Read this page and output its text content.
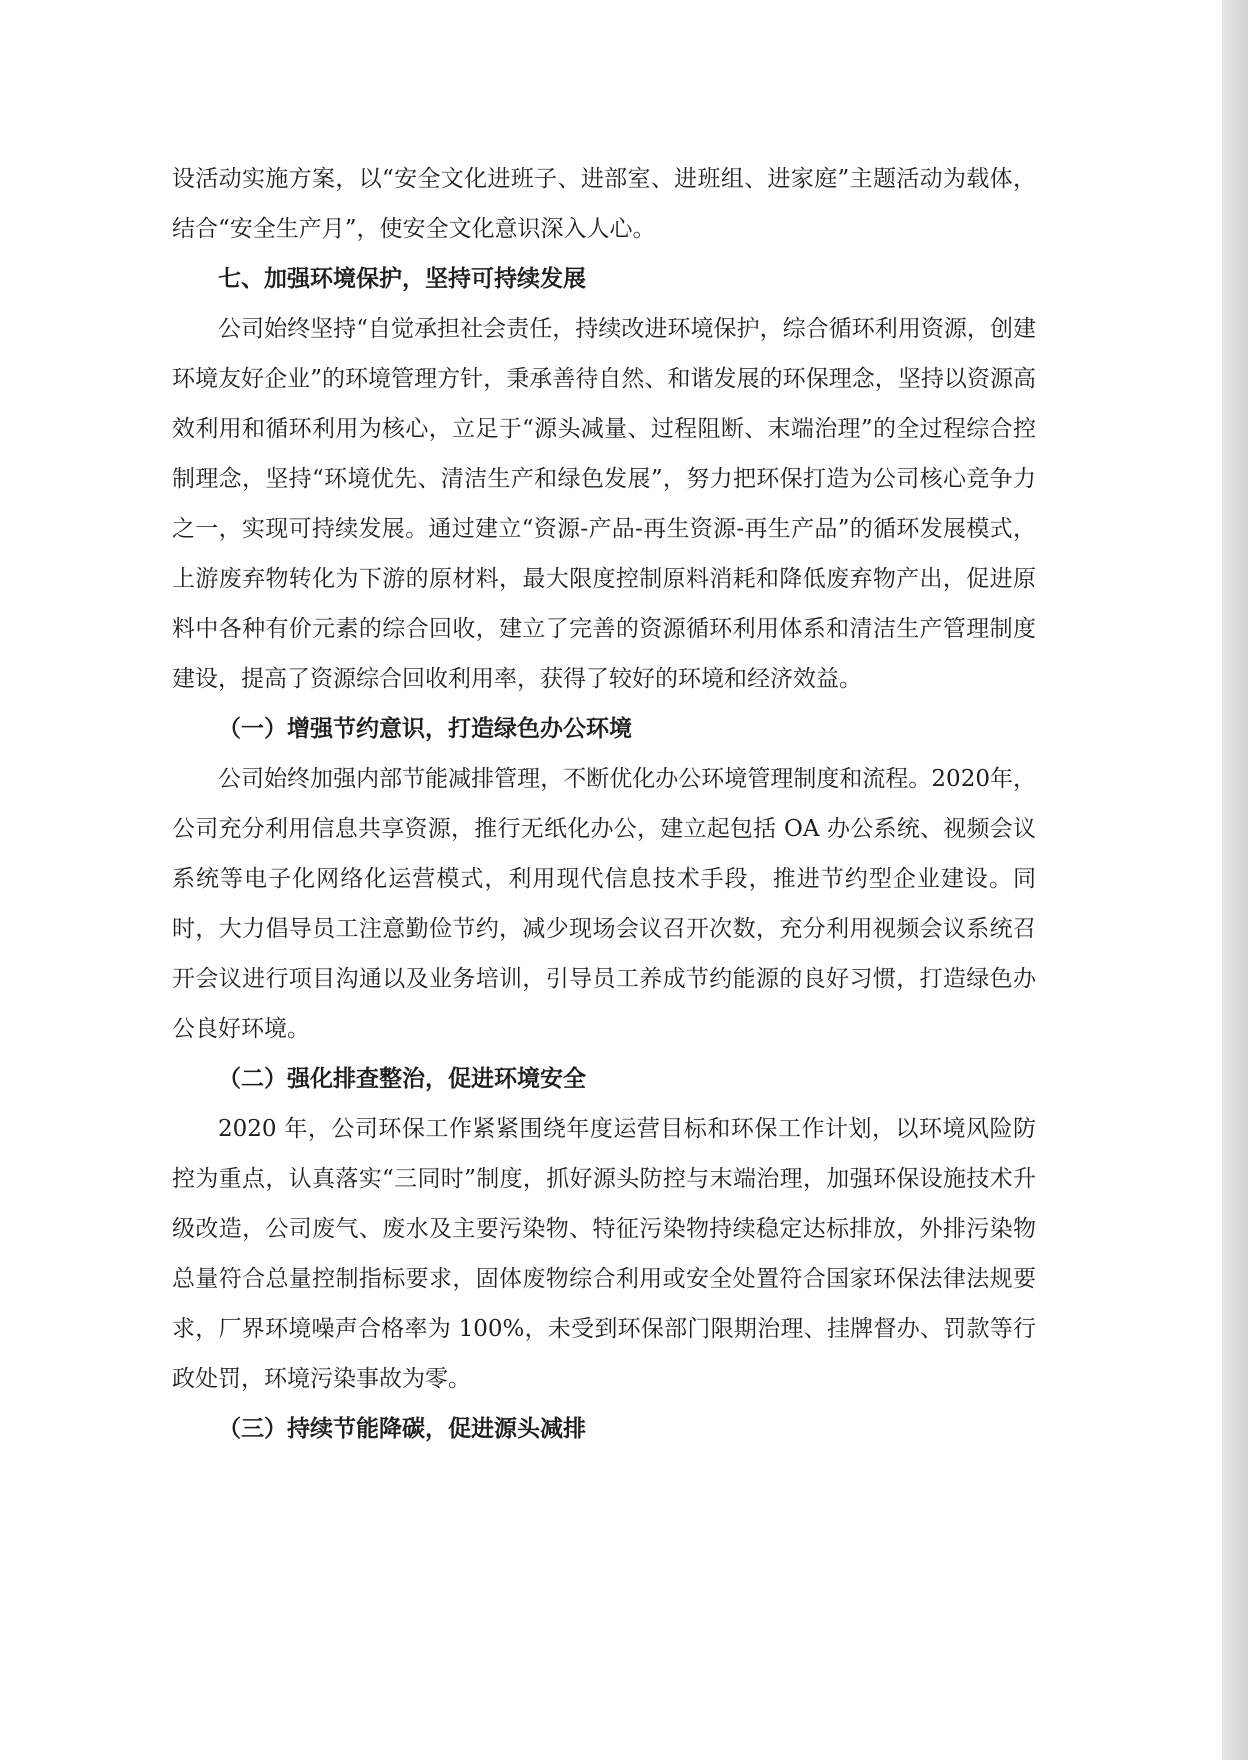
设活动实施方案，以“安全文化进班子、进部室、进班组、进家庭”主题活动为载体，结合“安全生产月”，使安全文化意识深入人心。

七、加强环境保护，坚持可持续发展

公司始终坚持“自觉承担社会责任，持续改进环境保护，综合循环利用资源，创建环境友好企业”的环境管理方针，秉承善待自然、和谐发展的环保理念，坚持以资源高效利用和循环利用为核心，立足于“源头减量、过程阻断、末端治理”的全过程综合控制理念，坚持“环境优先、清洁生产和绿色发展”，努力把环保打造为公司核心竞争力之一，实现可持续发展。通过建立“资源-产品-再生资源-再生产品”的循环发展模式，上游废弃物转化为下游的原材料，最大限度控制原料消耗和降低废弃物产出，促进原料中各种有价元素的综合回收，建立了完善的资源循环利用体系和清洁生产管理制度建设，提高了资源综合回收利用率，获得了较好的环境和经济效益。

（一）增强节约意识，打造绿色办公环境

公司始终加强内部节能减排管理，不断优化办公环境管理制度和流程。2020年，公司充分利用信息共享资源，推行无纸化办公，建立起包括 OA 办公系统、视频会议系统等电子化网络化运营模式，利用现代信息技术手段，推进节约型企业建设。同时，大力倡导员工注意勤俭节约，减少现场会议召开次数，充分利用视频会议系统召开会议进行项目沟通以及业务培训，引导员工养成节约能源的良好习惯，打造绿色办公良好环境。

（二）强化排查整治，促进环境安全

2020 年，公司环保工作紧紧围绕年度运营目标和环保工作计划，以环境风险防控为重点，认真落实“三同时”制度，抓好源头防控与末端治理，加强环保设施技术升级改造，公司废气、废水及主要污染物、特征污染物持续稳定达标排放，外排污染物总量符合总量控制指标要求，固体废物综合利用或安全处置符合国家环保法律法规要求，厂界环境噪声合格率为 100%，未受到环保部门限期治理、挂牌督办、罚款等行政处罚，环境污染事故为零。

（三）持续节能降碳，促进源头减排
